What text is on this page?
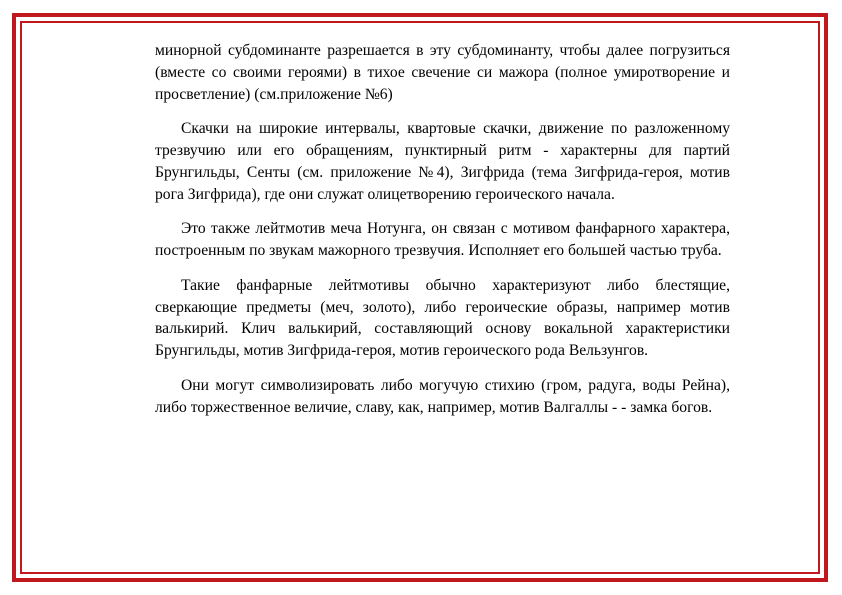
минорной субдоминанте разрешается в эту субдоминанту, чтобы далее погрузиться (вместе со своими героями) в тихое свечение си мажора (полное умиротворение и просветление) (см.приложение №6)

Скачки на широкие интервалы, квартовые скачки, движение по разложенному трезвучию или его обращениям, пунктирный ритм - характерны для партий Брунгильды, Сенты (см. приложение №4), Зигфрида (тема Зигфрида-героя, мотив рога Зигфрида), где они служат олицетворению героического начала.

Это также лейтмотив меча Нотунга, он связан с мотивом фанфарного характера, построенным по звукам мажорного трезвучия. Исполняет его большей частью труба.

Такие фанфарные лейтмотивы обычно характеризуют либо блестящие, сверкающие предметы (меч, золото), либо героические образы, например мотив валькирий. Клич валькирий, составляющий основу вокальной характеристики Брунгильды, мотив Зигфрида-героя, мотив героического рода Вельзунгов.

Они могут символизировать либо могучую стихию (гром, радуга, воды Рейна), либо торжественное величие, славу, как, например, мотив Валгаллы - - замка богов.
